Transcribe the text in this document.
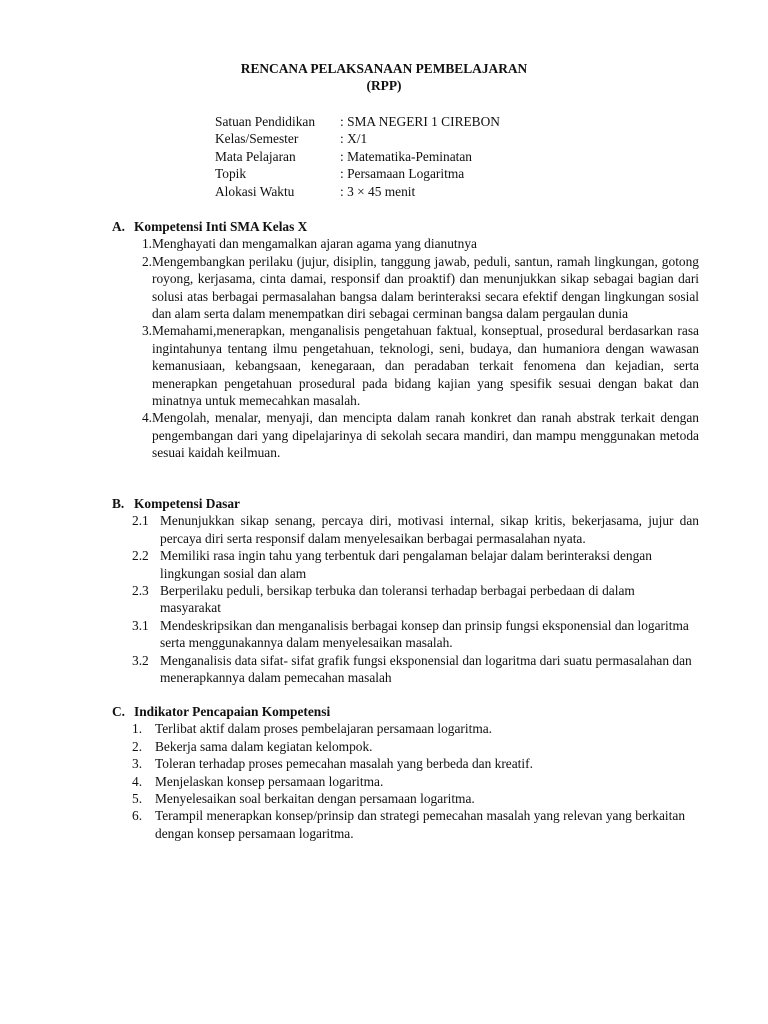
RENCANA PELAKSANAAN PEMBELAJARAN
(RPP)
Satuan Pendidikan	: SMA NEGERI 1 CIREBON
Kelas/Semester	: X/1
Mata Pelajaran	: Matematika-Peminatan
Topik	: Persamaan Logaritma
Alokasi Waktu	: 3 × 45 menit
A. Kompetensi Inti SMA Kelas X
1. Menghayati dan mengamalkan ajaran agama yang dianutnya
2. Mengembangkan perilaku (jujur, disiplin, tanggung jawab, peduli, santun, ramah lingkungan, gotong royong, kerjasama, cinta damai, responsif dan proaktif) dan menunjukkan sikap sebagai bagian dari solusi atas berbagai permasalahan bangsa dalam berinteraksi secara efektif dengan lingkungan sosial dan alam serta dalam menempatkan diri sebagai cerminan bangsa dalam pergaulan dunia
3. Memahami,menerapkan, menganalisis pengetahuan faktual, konseptual, prosedural berdasarkan rasa ingintahunya tentang ilmu pengetahuan, teknologi, seni, budaya, dan humaniora dengan wawasan kemanusiaan, kebangsaan, kenegaraan, dan peradaban terkait fenomena dan kejadian, serta menerapkan pengetahuan prosedural pada bidang kajian yang spesifik sesuai dengan bakat dan minatnya untuk memecahkan masalah.
4. Mengolah, menalar, menyaji, dan mencipta dalam ranah konkret dan ranah abstrak terkait dengan pengembangan dari yang dipelajarinya di sekolah secara mandiri, dan mampu menggunakan metoda sesuai kaidah keilmuan.
B. Kompetensi Dasar
2.1 Menunjukkan sikap senang, percaya diri, motivasi internal, sikap kritis, bekerjasama, jujur dan percaya diri serta responsif dalam menyelesaikan berbagai permasalahan nyata.
2.2 Memiliki rasa ingin tahu yang terbentuk dari pengalaman belajar dalam berinteraksi dengan lingkungan sosial dan alam
2.3 Berperilaku peduli, bersikap terbuka dan toleransi terhadap berbagai perbedaan di dalam masyarakat
3.1 Mendeskripsikan dan menganalisis berbagai konsep dan prinsip fungsi eksponensial dan logaritma serta menggunakannya dalam menyelesaikan masalah.
3.2 Menganalisis data sifat- sifat grafik fungsi eksponensial dan logaritma dari suatu permasalahan dan menerapkannya dalam pemecahan masalah
C. Indikator Pencapaian Kompetensi
1. Terlibat aktif dalam proses pembelajaran persamaan logaritma.
2. Bekerja sama dalam kegiatan kelompok.
3. Toleran terhadap proses pemecahan masalah yang berbeda dan kreatif.
4. Menjelaskan konsep persamaan logaritma.
5. Menyelesaikan soal berkaitan dengan persamaan logaritma.
6. Terampil menerapkan konsep/prinsip dan strategi pemecahan masalah yang relevan yang berkaitan dengan konsep persamaan logaritma.
